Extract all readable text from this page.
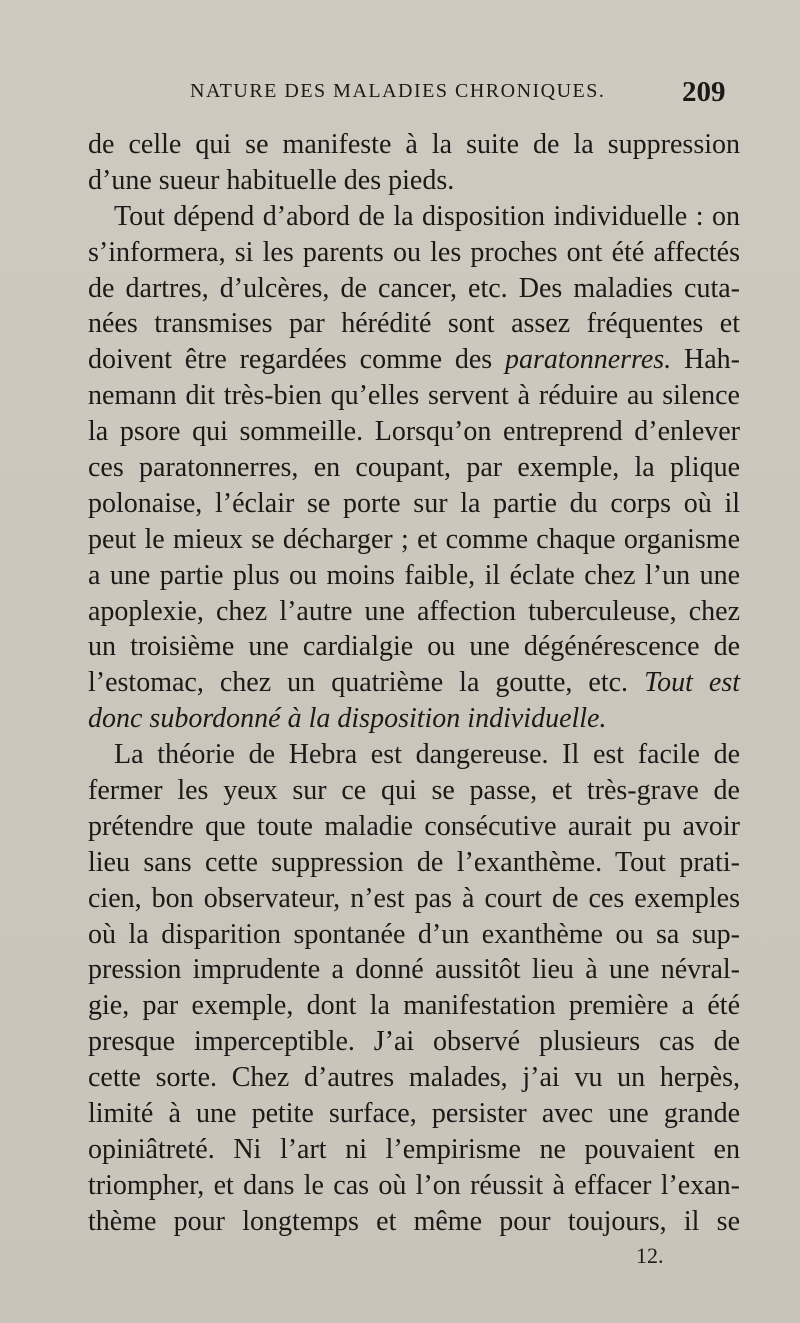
NATURE DES MALADIES CHRONIQUES.	209
de celle qui se manifeste à la suite de la suppression
d’une sueur habituelle des pieds.
Tout dépend d’abord de la disposition individuelle : on
s’informera, si les parents ou les proches ont été affectés
de dartres, d’ulcères, de cancer, etc. Des maladies cuta-
nées transmises par hérédité sont assez fréquentes et
doivent être regardées comme des paratonnerres. Hah-
nemann dit très-bien qu’elles servent à réduire au silence
la psore qui sommeille. Lorsqu’on entreprend d’enlever
ces paratonnerres, en coupant, par exemple, la plique
polonaise, l’éclair se porte sur la partie du corps où il
peut le mieux se décharger ; et comme chaque organisme
a une partie plus ou moins faible, il éclate chez l’un une
apoplexie, chez l’autre une affection tuberculeuse, chez
un troisième une cardialgie ou une dégénérescence de
l’estomac, chez un quatrième la goutte, etc. Tout est
donc subordonné à la disposition individuelle.
La théorie de Hebra est dangereuse. Il est facile de
fermer les yeux sur ce qui se passe, et très-grave de
prétendre que toute maladie consécutive aurait pu avoir
lieu sans cette suppression de l’exanthème. Tout prati-
cien, bon observateur, n’est pas à court de ces exemples
où la disparition spontanée d’un exanthème ou sa sup-
pression imprudente a donné aussitôt lieu à une névral-
gie, par exemple, dont la manifestation première a été
presque imperceptible. J’ai observé plusieurs cas de
cette sorte. Chez d’autres malades, j’ai vu un herpès,
limité à une petite surface, persister avec une grande
opiniâtreté. Ni l’art ni l’empirisme ne pouvaient en
triompher, et dans le cas où l’on réussit à effacer l’exan-
thème pour longtemps et même pour toujours, il se
12.
